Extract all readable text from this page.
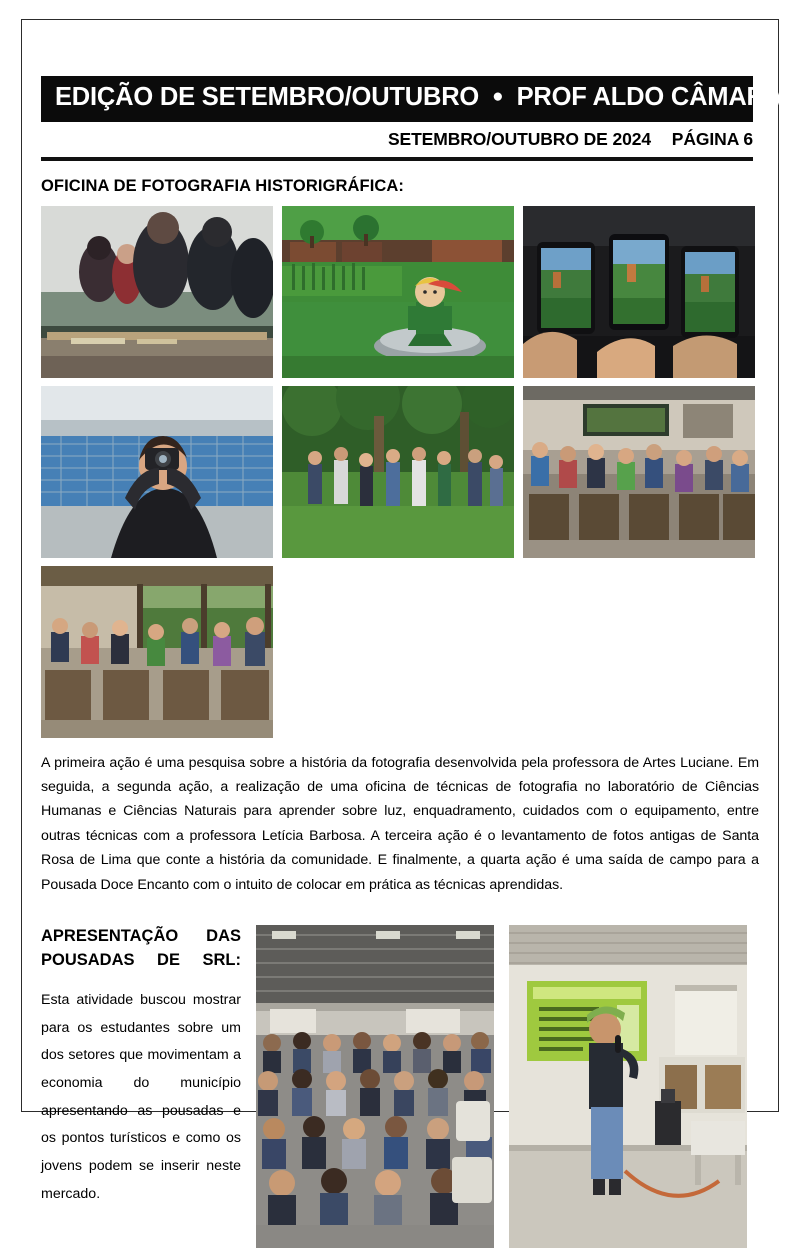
EDIÇÃO DE SETEMBRO/OUTUBRO ● PROF ALDO CÂMARA
SETEMBRO/OUTUBRO DE 2024 PÁGINA 6
OFICINA DE FOTOGRAFIA HISTORIGRÁFICA:

A primeira ação é uma pesquisa sobre a história da fotografia desenvolvida pela professora de Artes Luciane. Em seguida, a segunda ação, a realização de uma oficina de técnicas de fotografia no laboratório de Ciências Humanas e Ciências Naturais para aprender sobre luz, enquadramento, cuidados com o equipamento, entre outras técnicas com a professora Letícia Barbosa. A terceira ação é o levantamento de fotos antigas de Santa Rosa de Lima que conte a história da comunidade. E finalmente, a quarta ação é uma saída de campo para a Pousada Doce Encanto com o intuito de colocar em prática as técnicas aprendidas.

APRESENTAÇÃO DAS POUSADAS DE SRL:

Esta atividade buscou mostrar para os estudantes sobre um dos setores que movimentam a economia do município apresentando as pousadas e os pontos turísticos e como os jovens podem se inserir neste mercado.
